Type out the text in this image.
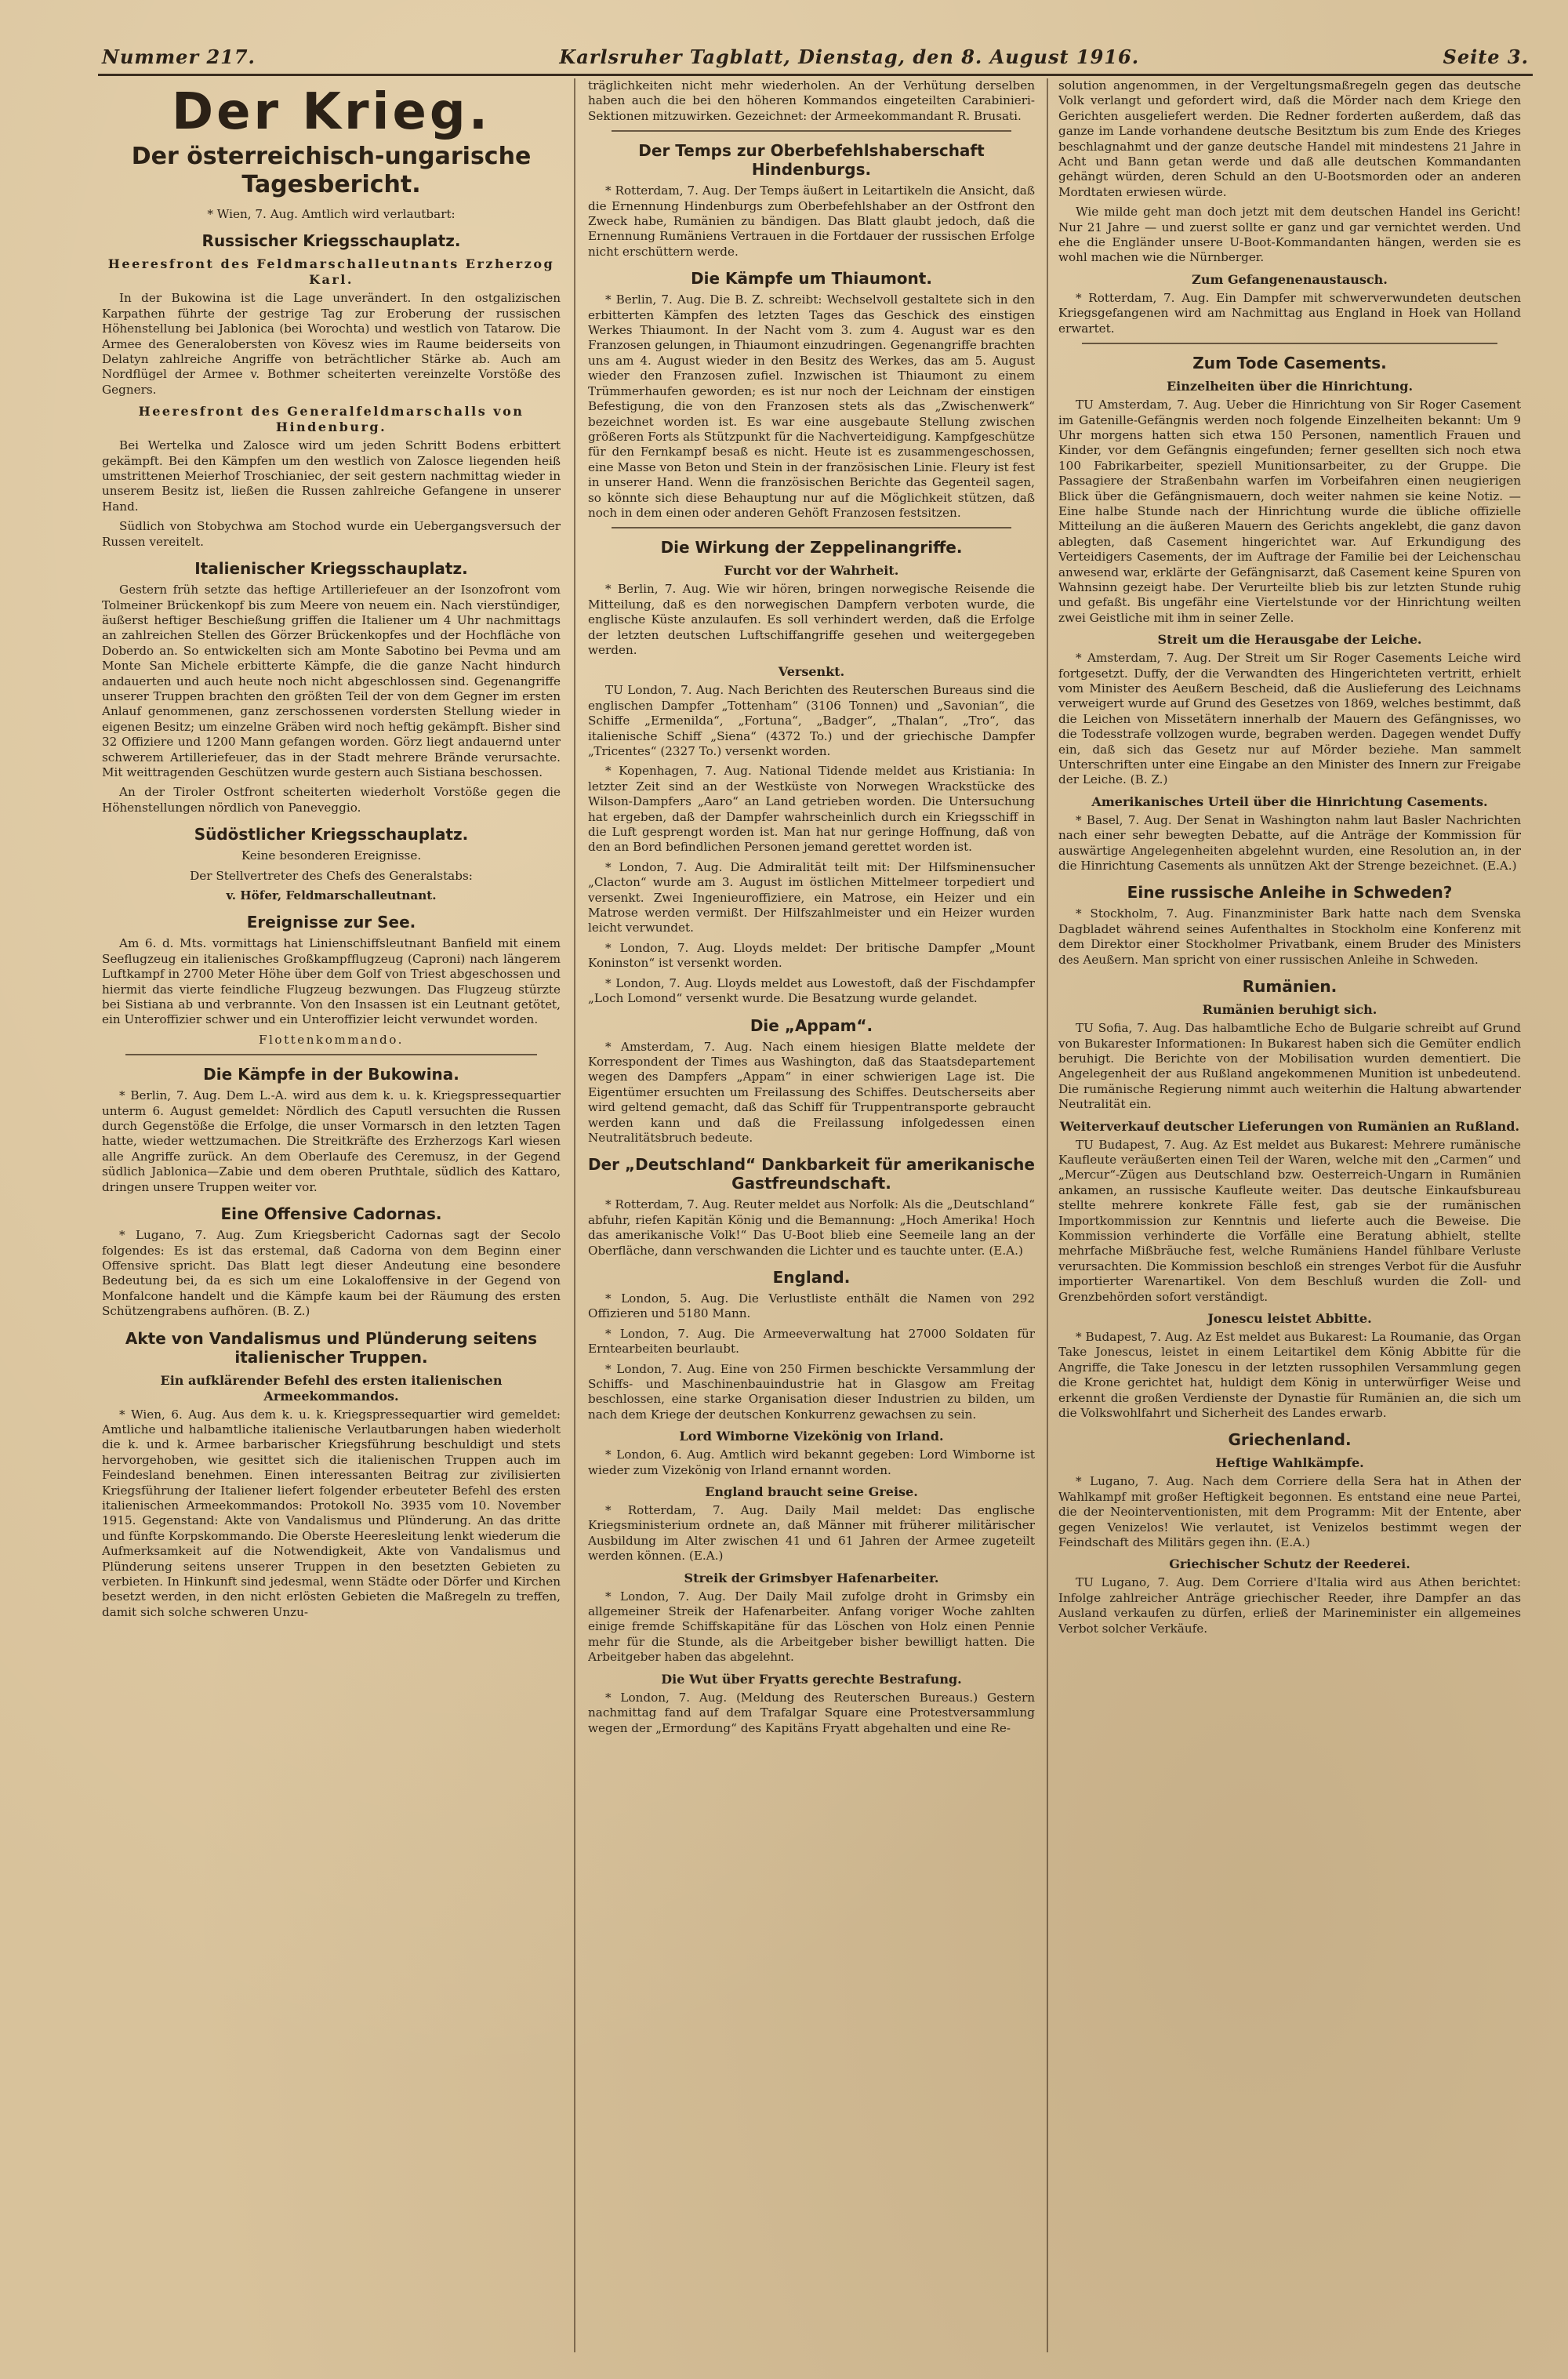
Nummer 217.	Karlsruher Tagblatt, Dienstag, den 8. August 1916.	Seite 3.
Der Krieg.
Der österreichisch-ungarische Tagesbericht.

* Wien, 7. Aug. Amtlich wird verlautbart:

Russischer Kriegsschauplatz.
Heeresfront des Feldmarschalleutnants Erzherzog Karl.

In der Bukowina ist die Lage unverändert. In den ostgalizischen Karpathen führte der gestrige Tag zur Eroberung der russischen Höhenstellung bei Jablonica (bei Worochta) und westlich von Tatarow. Die Armee des Generalobersten von Kövesz wies im Raume beiderseits von Delatyn zahlreiche Angriffe von beträchtlicher Stärke ab. Auch am Nordflügel der Armee v. Bothmer scheiterten vereinzelte Vorstöße des Gegners.

Heeresfront des Generalfeldmarschalls von Hindenburg.

Bei Wertelka und Zalosce wird um jeden Schritt Bodens erbittert gekämpft. Bei den Kämpfen um den westlich von Zalosce liegenden heiß umstrittenen Meierhof Troschianiec, der seit gestern nachmittag wieder in unserem Besitz ist, ließen die Russen zahlreiche Gefangene in unserer Hand.

Südlich von Stobychwa am Stochod wurde ein Uebergangsversuch der Russen vereitelt.

Italienischer Kriegsschauplatz.

Gestern früh setzte das heftige Artilleriefeuer an der Isonzofront vom Tolmeiner Brückenkopf bis zum Meere von neuem ein. Nach vierstündiger, äußerst heftiger Beschießung griffen die Italiener um 4 Uhr nachmittags an zahlreichen Stellen des Görzer Brückenkopfes und der Hochfläche von Doberdo an. So entwickelten sich am Monte Sabotino bei Pevma und am Monte San Michele erbitterte Kämpfe, die die ganze Nacht hindurch andauerten und auch heute noch nicht abgeschlossen sind. Gegenangriffe unserer Truppen brachten den größten Teil der von dem Gegner im ersten Anlauf genommenen, ganz zerschossenen vordersten Stellung wieder in eigenen Besitz; um einzelne Gräben wird noch heftig gekämpft. Bisher sind 32 Offiziere und 1200 Mann gefangen worden. Görz liegt andauernd unter schwerem Artilleriefeuer, das in der Stadt mehrere Brände verursachte. Mit weittragenden Geschützen wurde gestern auch Sistiana beschossen.

An der Tiroler Ostfront scheiterten wiederholt Vorstöße gegen die Höhenstellungen nördlich von Paneveggio.

Südöstlicher Kriegsschauplatz.

Keine besonderen Ereignisse.

Der Stellvertreter des Chefs des Generalstabs:

v. Höfer, Feldmarschalleutnant.

Ereignisse zur See.

Am 6. d. Mts. vormittags hat Linienschiffsleutnant Banfield mit einem Seeflugzeug ein italienisches Großkampfflugzeug (Caproni) nach längerem Luftkampf in 2700 Meter Höhe über dem Golf von Triest abgeschossen und hiermit das vierte feindliche Flugzeug bezwungen. Das Flugzeug stürzte bei Sistiana ab und verbrannte. Von den Insassen ist ein Leutnant getötet, ein Unteroffizier schwer und ein Unteroffizier leicht verwundet worden.

Flottenkommando.

Die Kämpfe in der Bukowina.

* Berlin, 7. Aug. Dem L.-A. wird aus dem k. u. k. Kriegspressequartier unterm 6. August gemeldet: Nördlich des Caputl versuchten die Russen durch Gegenstöße die Erfolge, die unser Vormarsch in den letzten Tagen hatte, wieder wettzumachen. Die Streitkräfte des Erzherzogs Karl wiesen alle Angriffe zurück. An dem Oberlaufe des Ceremusz, in der Gegend südlich Jablonica—Zabie und dem oberen Pruthtale, südlich des Kattaro, dringen unsere Truppen weiter vor.

Eine Offensive Cadornas.

* Lugano, 7. Aug. Zum Kriegsbericht Cadornas sagt der Secolo folgendes: Es ist das erstemal, daß Cadorna von dem Beginn einer Offensive spricht. Das Blatt legt dieser Andeutung eine besondere Bedeutung bei, da es sich um eine Lokaloffensive in der Gegend von Monfalcone handelt und die Kämpfe kaum bei der Räumung des ersten Schützengrabens aufhören. (B. Z.)

Akte von Vandalismus und Plünderung seitens italienischer Truppen.
Ein aufklärender Befehl des ersten italienischen Armeekommandos.

* Wien, 6. Aug. Aus dem k. u. k. Kriegspressequartier wird gemeldet: Amtliche und halbamtliche italienische Verlautbarungen haben wiederholt die k. und k. Armee barbarischer Kriegsführung beschuldigt und stets hervorgehoben, wie gesittet sich die italienischen Truppen auch im Feindesland benehmen. Einen interessanten Beitrag zur zivilisierten Kriegsführung der Italiener liefert folgender erbeuteter Befehl des ersten italienischen Armeekommandos: Protokoll No. 3935 vom 10. November 1915. Gegenstand: Akte von Vandalismus und Plünderung. An das dritte und fünfte Korpskommando. Die Oberste Heeresleitung lenkt wiederum die Aufmerksamkeit auf die Notwendigkeit, Akte von Vandalismus und Plünderung seitens unserer Truppen in den besetzten Gebieten zu verbieten. In Hinkunft sind jedesmal, wenn Städte oder Dörfer und Kirchen besetzt werden, in den nicht erlösten Gebieten die Maßregeln zu treffen, damit sich solche schweren Unzu-

träglichkeiten nicht mehr wiederholen. An der Verhütung derselben haben auch die bei den höheren Kommandos eingeteilten Carabinieri-Sektionen mitzuwirken. Gezeichnet: der Armeekommandant R. Brusati.

Der Temps zur Oberbefehlshaberschaft Hindenburgs.

* Rotterdam, 7. Aug. Der Temps äußert in Leitartikeln die Ansicht, daß die Ernennung Hindenburgs zum Oberbefehlshaber an der Ostfront den Zweck habe, Rumänien zu bändigen. Das Blatt glaubt jedoch, daß die Ernennung Rumäniens Vertrauen in die Fortdauer der russischen Erfolge nicht erschüttern werde.

Die Kämpfe um Thiaumont.

* Berlin, 7. Aug. Die B. Z. schreibt: Wechselvoll gestaltete sich in den erbitterten Kämpfen des letzten Tages das Geschick des einstigen Werkes Thiaumont. In der Nacht vom 3. zum 4. August war es den Franzosen gelungen, in Thiaumont einzudringen. Gegenangriffe brachten uns am 4. August wieder in den Besitz des Werkes, das am 5. August wieder den Franzosen zufiel. Inzwischen ist Thiaumont zu einem Trümmerhaufen geworden; es ist nur noch der Leichnam der einstigen Befestigung, die von den Franzosen stets als das „Zwischenwerk“ bezeichnet worden ist. Es war eine ausgebaute Stellung zwischen größeren Forts als Stützpunkt für die Nachverteidigung. Kampfgeschütze für den Fernkampf besaß es nicht. Heute ist es zusammengeschossen, eine Masse von Beton und Stein in der französischen Linie. Fleury ist fest in unserer Hand. Wenn die französischen Berichte das Gegenteil sagen, so könnte sich diese Behauptung nur auf die Möglichkeit stützen, daß noch in dem einen oder anderen Gehöft Franzosen festsitzen.

Die Wirkung der Zeppelinangriffe.
Furcht vor der Wahrheit.

* Berlin, 7. Aug. Wie wir hören, bringen norwegische Reisende die Mitteilung, daß es den norwegischen Dampfern verboten wurde, die englische Küste anzulaufen. Es soll verhindert werden, daß die Erfolge der letzten deutschen Luftschiffangriffe gesehen und weitergegeben werden.

Versenkt.

TU London, 7. Aug. Nach Berichten des Reuterschen Bureaus sind die englischen Dampfer „Tottenham“ (3106 Tonnen) und „Savonian“, die Schiffe „Ermenilda“, „Fortuna“, „Badger“, „Thalan“, „Tro“, das italienische Schiff „Siena“ (4372 To.) und der griechische Dampfer „Tricentes“ (2327 To.) versenkt worden.

* Kopenhagen, 7. Aug. National Tidende meldet aus Kristiania: In letzter Zeit sind an der Westküste von Norwegen Wrackstücke des Wilson-Dampfers „Aaro“ an Land getrieben worden. Die Untersuchung hat ergeben, daß der Dampfer wahrscheinlich durch ein Kriegsschiff in die Luft gesprengt worden ist. Man hat nur geringe Hoffnung, daß von den an Bord befindlichen Personen jemand gerettet worden ist.

* London, 7. Aug. Die Admiralität teilt mit: Der Hilfsminensucher „Clacton“ wurde am 3. August im östlichen Mittelmeer torpediert und versenkt. Zwei Ingenieuroffiziere, ein Matrose, ein Heizer und ein Matrose werden vermißt. Der Hilfszahlmeister und ein Heizer wurden leicht verwundet.

* London, 7. Aug. Lloyds meldet: Der britische Dampfer „Mount Koninston“ ist versenkt worden.

* London, 7. Aug. Lloyds meldet aus Lowestoft, daß der Fischdampfer „Loch Lomond“ versenkt wurde. Die Besatzung wurde gelandet.

Die „Appam“.

* Amsterdam, 7. Aug. Nach einem hiesigen Blatte meldete der Korrespondent der Times aus Washington, daß das Staatsdepartement wegen des Dampfers „Appam“ in einer schwierigen Lage ist. Die Eigentümer ersuchten um Freilassung des Schiffes. Deutscherseits aber wird geltend gemacht, daß das Schiff für Truppentransporte gebraucht werden kann und daß die Freilassung infolgedessen einen Neutralitätsbruch bedeute.

Der „Deutschland“ Dankbarkeit für amerikanische Gastfreundschaft.

* Rotterdam, 7. Aug. Reuter meldet aus Norfolk: Als die „Deutschland“ abfuhr, riefen Kapitän König und die Bemannung: „Hoch Amerika! Hoch das amerikanische Volk!“ Das U-Boot blieb eine Seemeile lang an der Oberfläche, dann verschwanden die Lichter und es tauchte unter. (E.A.)

England.

* London, 5. Aug. Die Verlustliste enthält die Namen von 292 Offizieren und 5180 Mann.

* London, 7. Aug. Die Armeeverwaltung hat 27000 Soldaten für Erntearbeiten beurlaubt.

* London, 7. Aug. Eine von 250 Firmen beschickte Versammlung der Schiffs- und Maschinenbauindustrie hat in Glasgow am Freitag beschlossen, eine starke Organisation dieser Industrien zu bilden, um nach dem Kriege der deutschen Konkurrenz gewachsen zu sein.

Lord Wimborne Vizekönig von Irland.

* London, 6. Aug. Amtlich wird bekannt gegeben: Lord Wimborne ist wieder zum Vizekönig von Irland ernannt worden.

England braucht seine Greise.

* Rotterdam, 7. Aug. Daily Mail meldet: Das englische Kriegsministerium ordnete an, daß Männer mit früherer militärischer Ausbildung im Alter zwischen 41 und 61 Jahren der Armee zugeteilt werden können. (E.A.)

Streik der Grimsbyer Hafenarbeiter.

* London, 7. Aug. Der Daily Mail zufolge droht in Grimsby ein allgemeiner Streik der Hafenarbeiter. Anfang voriger Woche zahlten einige fremde Schiffskapitäne für das Löschen von Holz einen Pennie mehr für die Stunde, als die Arbeitgeber bisher bewilligt hatten. Die Arbeitgeber haben das abgelehnt.

Die Wut über Fryatts gerechte Bestrafung.

* London, 7. Aug. (Meldung des Reuterschen Bureaus.) Gestern nachmittag fand auf dem Trafalgar Square eine Protestversammlung wegen der „Ermordung“ des Kapitäns Fryatt abgehalten und eine Re-

solution angenommen, in der Vergeltungsmaßregeln gegen das deutsche Volk verlangt und gefordert wird, daß die Mörder nach dem Kriege den Gerichten ausgeliefert werden. Die Redner forderten außerdem, daß das ganze im Lande vorhandene deutsche Besitztum bis zum Ende des Krieges beschlagnahmt und der ganze deutsche Handel mit mindestens 21 Jahre in Acht und Bann getan werde und daß alle deutschen Kommandanten gehängt würden, deren Schuld an den U-Bootsmorden oder an anderen Mordtaten erwiesen würde.

Wie milde geht man doch jetzt mit dem deutschen Handel ins Gericht! Nur 21 Jahre — und zuerst sollte er ganz und gar vernichtet werden. Und ehe die Engländer unsere U-Boot-Kommandanten hängen, werden sie es wohl machen wie die Nürnberger.

Zum Gefangenenaustausch.

* Rotterdam, 7. Aug. Ein Dampfer mit schwerverwundeten deutschen Kriegsgefangenen wird am Nachmittag aus England in Hoek van Holland erwartet.

Zum Tode Casements.
Einzelheiten über die Hinrichtung.

TU Amsterdam, 7. Aug. Ueber die Hinrichtung von Sir Roger Casement im Gatenille-Gefängnis werden noch folgende Einzelheiten bekannt: Um 9 Uhr morgens hatten sich etwa 150 Personen, namentlich Frauen und Kinder, vor dem Gefängnis eingefunden; ferner gesellten sich noch etwa 100 Fabrikarbeiter, speziell Munitionsarbeiter, zu der Gruppe. Die Passagiere der Straßenbahn warfen im Vorbeifahren einen neugierigen Blick über die Gefängnismauern, doch weiter nahmen sie keine Notiz. — Eine halbe Stunde nach der Hinrichtung wurde die übliche offizielle Mitteilung an die äußeren Mauern des Gerichts angeklebt, die ganz davon ablegten, daß Casement hingerichtet war. Auf Erkundigung des Verteidigers Casements, der im Auftrage der Familie bei der Leichenschau anwesend war, erklärte der Gefängnisarzt, daß Casement keine Spuren von Wahnsinn gezeigt habe. Der Verurteilte blieb bis zur letzten Stunde ruhig und gefaßt. Bis ungefähr eine Viertelstunde vor der Hinrichtung weilten zwei Geistliche mit ihm in seiner Zelle.

Streit um die Herausgabe der Leiche.

* Amsterdam, 7. Aug. Der Streit um Sir Roger Casements Leiche wird fortgesetzt. Duffy, der die Verwandten des Hingerichteten vertritt, erhielt vom Minister des Aeußern Bescheid, daß die Auslieferung des Leichnams verweigert wurde auf Grund des Gesetzes von 1869, welches bestimmt, daß die Leichen von Missetätern innerhalb der Mauern des Gefängnisses, wo die Todesstrafe vollzogen wurde, begraben werden. Dagegen wendet Duffy ein, daß sich das Gesetz nur auf Mörder beziehe. Man sammelt Unterschriften unter eine Eingabe an den Minister des Innern zur Freigabe der Leiche. (B. Z.)

Amerikanisches Urteil über die Hinrichtung Casements.

* Basel, 7. Aug. Der Senat in Washington nahm laut Basler Nachrichten nach einer sehr bewegten Debatte, auf die Anträge der Kommission für auswärtige Angelegenheiten abgelehnt wurden, eine Resolution an, in der die Hinrichtung Casements als unnützen Akt der Strenge bezeichnet. (E.A.)

Eine russische Anleihe in Schweden?

* Stockholm, 7. Aug. Finanzminister Bark hatte nach dem Svenska Dagbladet während seines Aufenthaltes in Stockholm eine Konferenz mit dem Direktor einer Stockholmer Privatbank, einem Bruder des Ministers des Aeußern. Man spricht von einer russischen Anleihe in Schweden.

Rumänien.
Rumänien beruhigt sich.

TU Sofia, 7. Aug. Das halbamtliche Echo de Bulgarie schreibt auf Grund von Bukarester Informationen: In Bukarest haben sich die Gemüter endlich beruhigt. Die Berichte von der Mobilisation wurden dementiert. Die Angelegenheit der aus Rußland angekommenen Munition ist unbedeutend. Die rumänische Regierung nimmt auch weiterhin die Haltung abwartender Neutralität ein.

Weiterverkauf deutscher Lieferungen von Rumänien an Rußland.

TU Budapest, 7. Aug. Az Est meldet aus Bukarest: Mehrere rumänische Kaufleute veräußerten einen Teil der Waren, welche mit den „Carmen“ und „Mercur“-Zügen aus Deutschland bzw. Oesterreich-Ungarn in Rumänien ankamen, an russische Kaufleute weiter. Das deutsche Einkaufsbureau stellte mehrere konkrete Fälle fest, gab sie der rumänischen Importkommission zur Kenntnis und lieferte auch die Beweise. Die Kommission verhinderte die Vorfälle eine Beratung abhielt, stellte mehrfache Mißbräuche fest, welche Rumäniens Handel fühlbare Verluste verursachten. Die Kommission beschloß ein strenges Verbot für die Ausfuhr importierter Warenartikel. Von dem Beschluß wurden die Zoll- und Grenzbehörden sofort verständigt.

Jonescu leistet Abbitte.

* Budapest, 7. Aug. Az Est meldet aus Bukarest: La Roumanie, das Organ Take Jonescus, leistet in einem Leitartikel dem König Abbitte für die Angriffe, die Take Jonescu in der letzten russophilen Versammlung gegen die Krone gerichtet hat, huldigt dem König in unterwürfiger Weise und erkennt die großen Verdienste der Dynastie für Rumänien an, die sich um die Volkswohlfahrt und Sicherheit des Landes erwarb.

Griechenland.
Heftige Wahlkämpfe.

* Lugano, 7. Aug. Nach dem Corriere della Sera hat in Athen der Wahlkampf mit großer Heftigkeit begonnen. Es entstand eine neue Partei, die der Neointerventionisten, mit dem Programm: Mit der Entente, aber gegen Venizelos! Wie verlautet, ist Venizelos bestimmt wegen der Feindschaft des Militärs gegen ihn. (E.A.)

Griechischer Schutz der Reederei.

TU Lugano, 7. Aug. Dem Corriere d'Italia wird aus Athen berichtet: Infolge zahlreicher Anträge griechischer Reeder, ihre Dampfer an das Ausland verkaufen zu dürfen, erließ der Marineminister ein allgemeines Verbot solcher Verkäufe.
